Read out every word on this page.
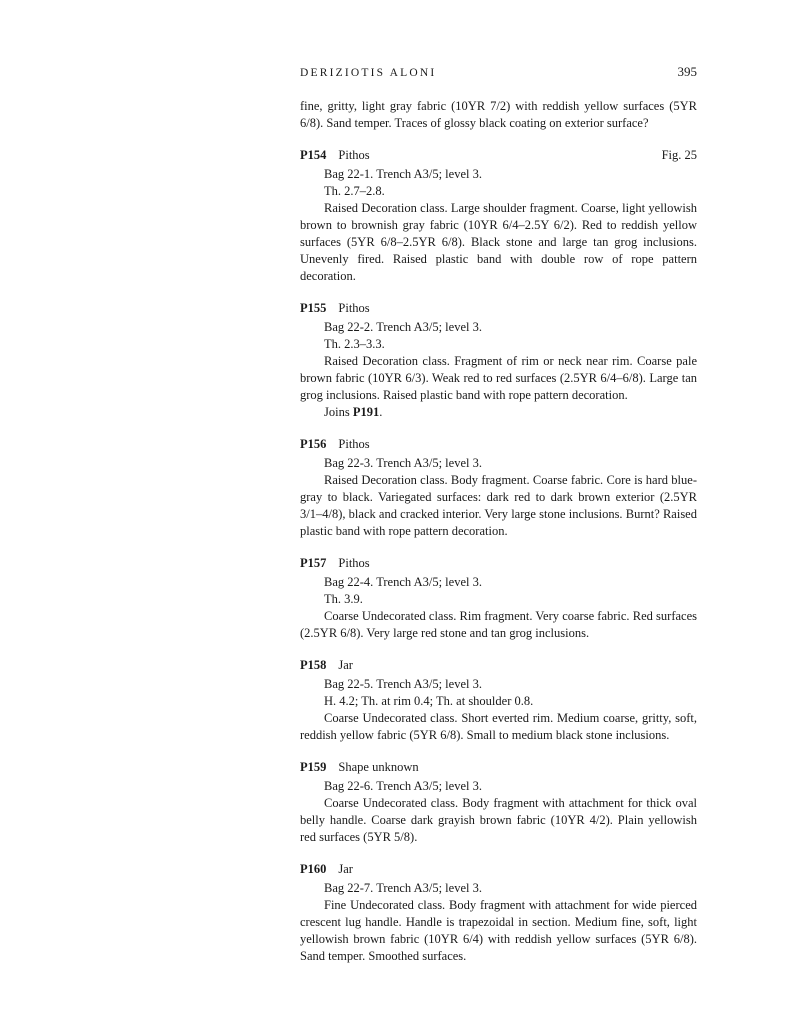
DERIZIOTIS ALONI	395

fine, gritty, light gray fabric (10YR 7/2) with reddish yellow surfaces (5YR 6/8). Sand temper. Traces of glossy black coating on exterior surface?

P154 Pithos	Fig. 25

Bag 22-1. Trench A3/5; level 3.

Th. 2.7–2.8.

Raised Decoration class. Large shoulder fragment. Coarse, light yellowish brown to brownish gray fabric (10YR 6/4–2.5Y 6/2). Red to reddish yellow surfaces (5YR 6/8–2.5YR 6/8). Black stone and large tan grog inclusions. Unevenly fired. Raised plastic band with double row of rope pattern decoration.

P155 Pithos

Bag 22-2. Trench A3/5; level 3.

Th. 2.3–3.3.

Raised Decoration class. Fragment of rim or neck near rim. Coarse pale brown fabric (10YR 6/3). Weak red to red surfaces (2.5YR 6/4–6/8). Large tan grog inclusions. Raised plastic band with rope pattern decoration.

Joins P191.

P156 Pithos

Bag 22-3. Trench A3/5; level 3.

Raised Decoration class. Body fragment. Coarse fabric. Core is hard blue-gray to black. Variegated surfaces: dark red to dark brown exterior (2.5YR 3/1–4/8), black and cracked interior. Very large stone inclusions. Burnt? Raised plastic band with rope pattern decoration.

P157 Pithos

Bag 22-4. Trench A3/5; level 3.

Th. 3.9.

Coarse Undecorated class. Rim fragment. Very coarse fabric. Red surfaces (2.5YR 6/8). Very large red stone and tan grog inclusions.

P158 Jar

Bag 22-5. Trench A3/5; level 3.

H. 4.2; Th. at rim 0.4; Th. at shoulder 0.8.

Coarse Undecorated class. Short everted rim. Medium coarse, gritty, soft, reddish yellow fabric (5YR 6/8). Small to medium black stone inclusions.

P159 Shape unknown

Bag 22-6. Trench A3/5; level 3.

Coarse Undecorated class. Body fragment with attachment for thick oval belly handle. Coarse dark grayish brown fabric (10YR 4/2). Plain yellowish red surfaces (5YR 5/8).

P160 Jar

Bag 22-7. Trench A3/5; level 3.

Fine Undecorated class. Body fragment with attachment for wide pierced crescent lug handle. Handle is trapezoidal in section. Medium fine, soft, light yellowish brown fabric (10YR 6/4) with reddish yellow surfaces (5YR 6/8). Sand temper. Smoothed surfaces.
